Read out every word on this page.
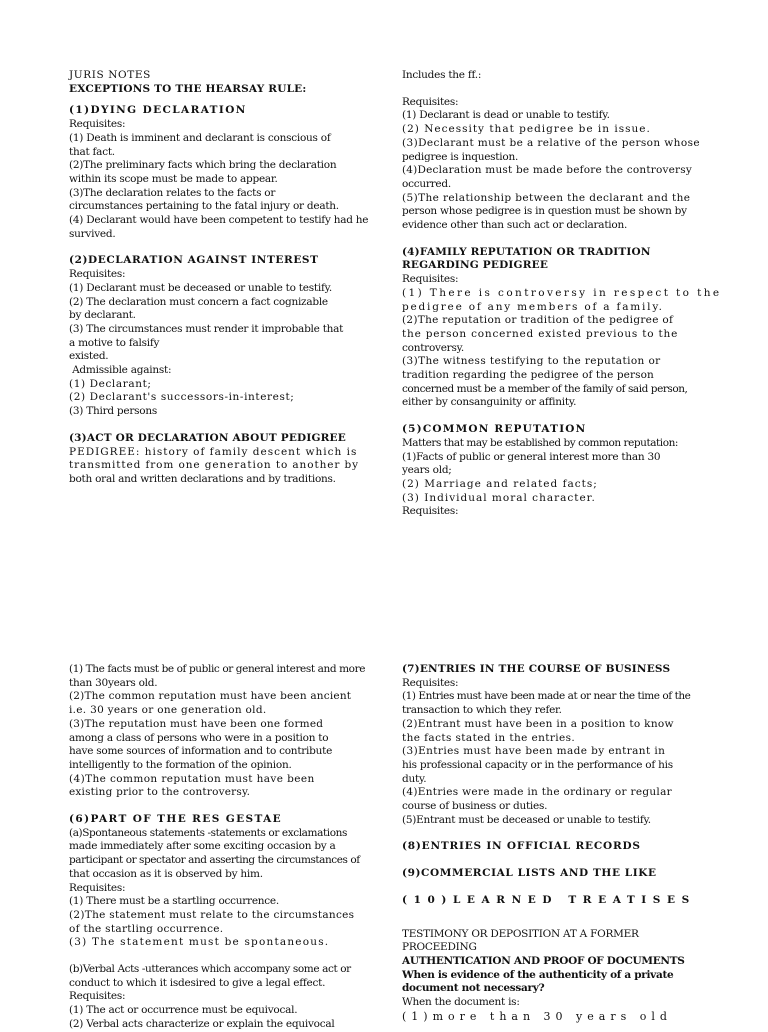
JURIS NOTES
EXCEPTIONS TO THE HEARSAY RULE:
(1)DYING DECLARATION
Requisites:
(1) Death is imminent and declarant is conscious of
that fact.
(2)The preliminary facts which bring the declaration
within its scope must be made to appear.
(3)The declaration relates to the facts or
circumstances pertaining to the fatal injury or death.
(4) Declarant would have been competent to testify had he
survived.
(2)DECLARATION AGAINST INTEREST
Requisites:
(1) Declarant must be deceased or unable to testify.
(2) The declaration must concern a fact cognizable
by declarant.
(3) The circumstances must render it improbable that
a motive to falsify
existed.
Admissible against:
(1) Declarant;
(2) Declarant's successors-in-interest;
(3) Third persons
(3)ACT OR DECLARATION ABOUT PEDIGREE
PEDIGREE: history of family descent which is
transmitted from one generation to another by
both oral and written declarations and by traditions.
Includes the ff.:
Requisites:
(1) Declarant is dead or unable to testify.
(2) Necessity that pedigree be in issue.
(3)Declarant must be a relative of the person whose
pedigree is inquestion.
(4)Declaration must be made before the controversy
occurred.
(5)The relationship between the declarant and the
person whose pedigree is in question must be shown by
evidence other than such act or declaration.
(4)FAMILY REPUTATION OR TRADITION
REGARDING PEDIGREE
Requisites:
(1) There is controversy in respect to the
pedigree of any members of a family.
(2)The reputation or tradition of the pedigree of
the person concerned existed previous to the
controversy.
(3)The witness testifying to the reputation or
tradition regarding the pedigree of the person
concerned must be a member of the family of said person,
either by consanguinity or affinity.
(5)COMMON REPUTATION
Matters that may be established by common reputation:
(1)Facts of public or general interest more than 30
years old;
(2) Marriage and related facts;
(3) Individual moral character.
Requisites:
(1) The facts must be of public or general interest and more
than 30years old.
(2)The common reputation must have been ancient
i.e. 30 years or one generation old.
(3)The reputation must have been one formed
among a class of persons who were in a position to
have some sources of information and to contribute
intelligently to the formation of the opinion.
(4)The common reputation must have been
existing prior to the controversy.
(6)PART OF THE RES GESTAE
(a)Spontaneous statements -statements or exclamations
made immediately after some exciting occasion by a
participant or spectator and asserting the circumstances of
that occasion as it is observed by him.
Requisites:
(1) There must be a startling occurrence.
(2)The statement must relate to the circumstances
of the startling occurrence.
(3) The statement must be spontaneous.
(b)Verbal Acts -utterances which accompany some act or
conduct to which it isdesired to give a legal effect.
Requisites:
(1) The act or occurrence must be equivocal.
(2) Verbal acts characterize or explain the equivocal
(7)ENTRIES IN THE COURSE OF BUSINESS
Requisites:
(1) Entries must have been made at or near the time of the
transaction to which they refer.
(2)Entrant must have been in a position to know
the facts stated in the entries.
(3)Entries must have been made by entrant in
his professional capacity or in the performance of his
duty.
(4)Entries were made in the ordinary or regular
course of business or duties.
(5)Entrant must be deceased or unable to testify.
(8)ENTRIES IN OFFICIAL RECORDS
(9)COMMERCIAL LISTS AND THE LIKE
(10)LEARNED TREATISES
TESTIMONY OR DEPOSITION AT A FORMER
PROCEEDING
AUTHENTICATION AND PROOF OF DOCUMENTS
When is evidence of the authenticity of a private
document not necessary?
When the document is:
(1)more than 30 years old
